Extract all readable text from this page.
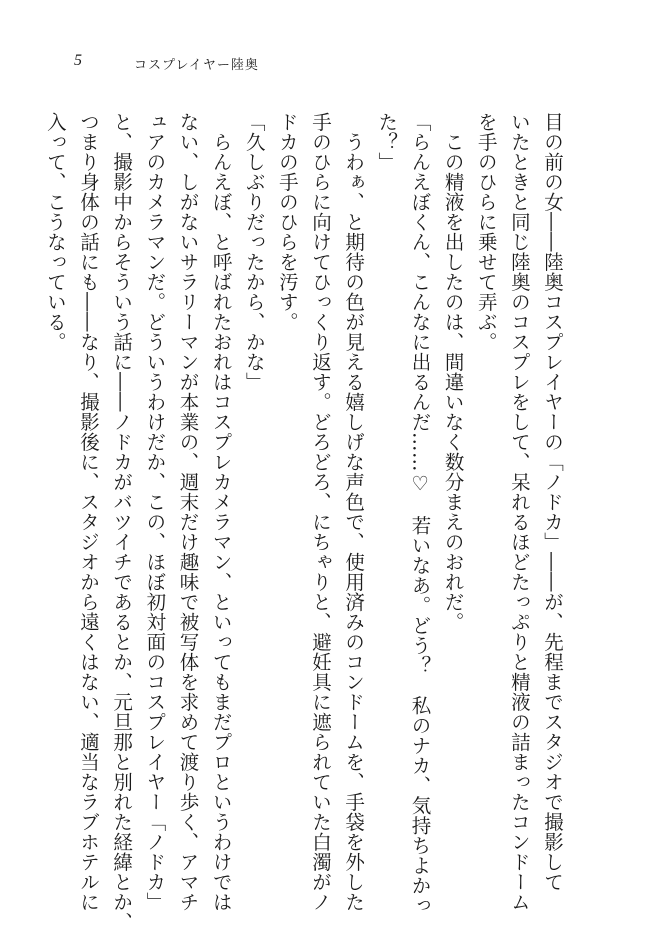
5	コスプレイヤー陸奥
目の前の女――陸奥コスプレイヤーの「ノドカ」――が、先程までスタジオで撮影して
いたときと同じ陸奥のコスプレをして、呆れるほどたっぷりと精液の詰まったコンドーム
を手のひらに乗せて弄ぶ。
　この精液を出したのは、間違いなく数分まえのおれだ。
「らんえぼくん、こんなに出るんだ……♡　若いなあ。どう？　私のナカ、気持ちよかっ
た？」
　うわぁ、と期待の色が見える嬉しげな声色で、使用済みのコンドームを、手袋を外した
手のひらに向けてひっくり返す。どろどろ、にちゃりと、避妊具に遮られていた白濁がノ
ドカの手のひらを汚す。
「久しぶりだったから、かな」
　らんえぼ、と呼ばれたおれはコスプレカメラマン、といってもまだプロというわけでは
ない、しがないサラリーマンが本業の、週末だけ趣味で被写体を求めて渡り歩く、アマチ
ュアのカメラマンだ。どういうわけだか、この、ほぼ初対面のコスプレイヤー「ノドカ」
と、撮影中からそういう話に――ノドカがバツイチであるとか、元旦那と別れた経緯とか、
つまり身体の話にも――なり、撮影後に、スタジオから遠くはない、適当なラブホテルに
入って、こうなっている。
